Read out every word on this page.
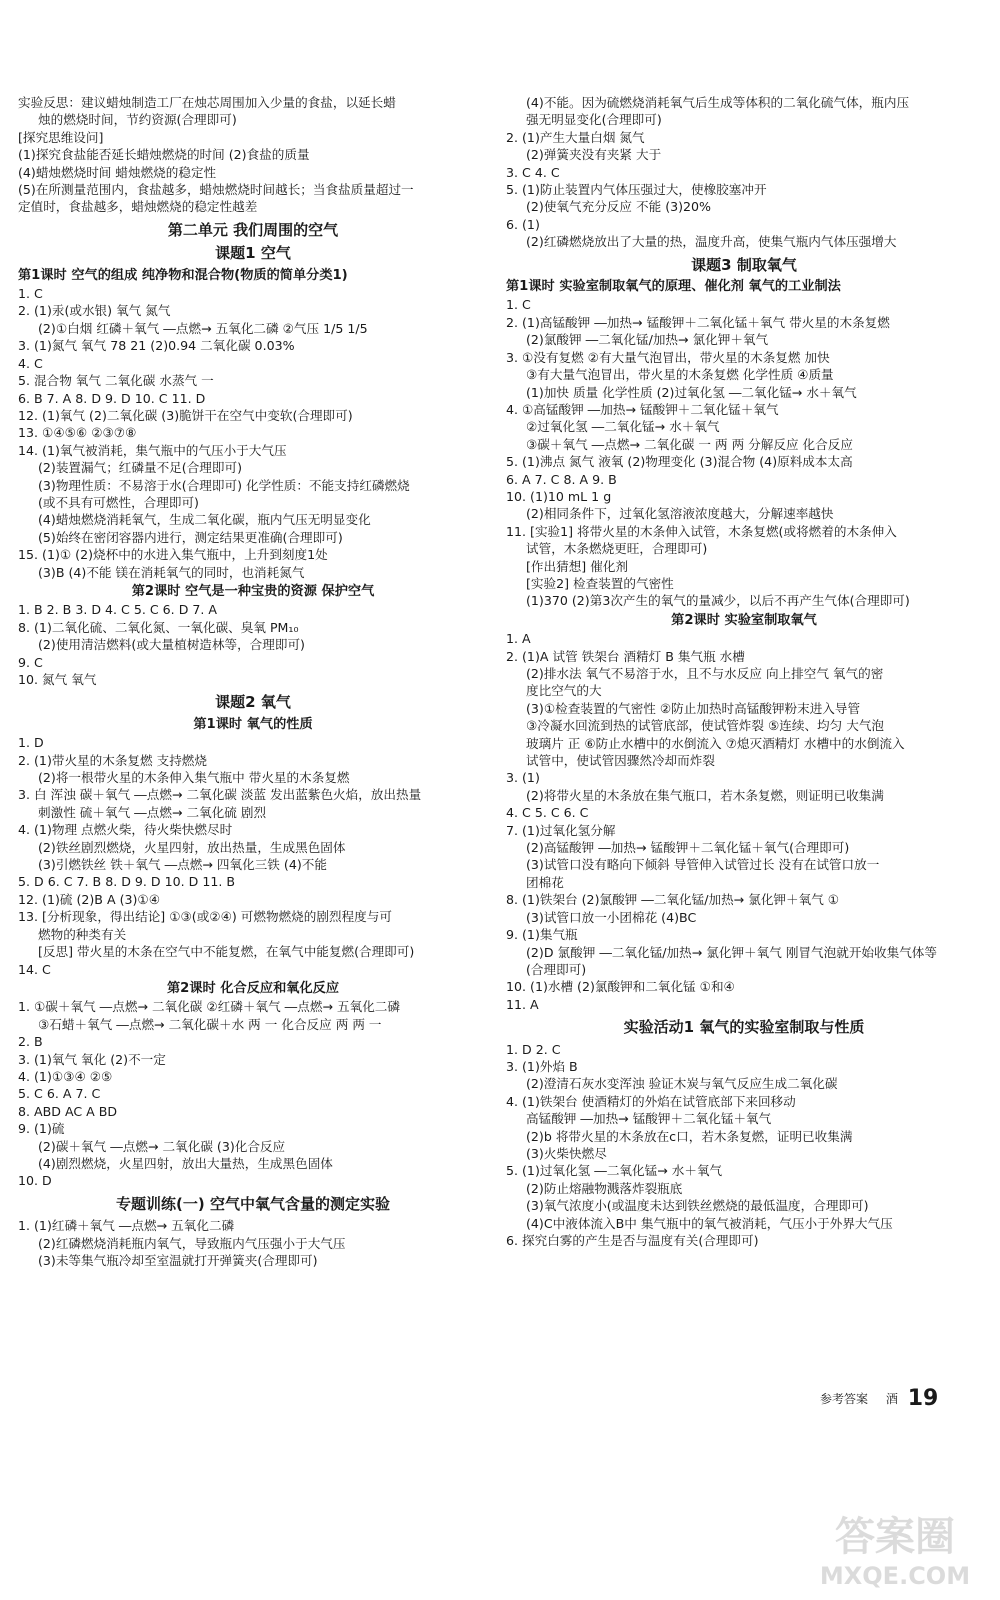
实验反思：建议蜡烛制造工厂在烛芯周围加入少量的食盐，以延长蜡
烛的燃烧时间，节约资源(合理即可)
[探究思维设问]
(1)探究食盐能否延长蜡烛燃烧的时间 (2)食盐的质量
(4)蜡烛燃烧时间 蜡烛燃烧的稳定性
(5)在所测量范围内，食盐越多，蜡烛燃烧时间越长；当食盐质量超过一
定值时，食盐越多，蜡烛燃烧的稳定性越差
第二单元 我们周围的空气
课题1 空气
第1课时 空气的组成 纯净物和混合物(物质的简单分类1)
1. C
2. (1)汞(或水银) 氧气 氮气
(2)①白烟 红磷＋氧气 ―点燃→ 五氧化二磷 ②气压 1/5 1/5
3. (1)氮气 氧气 78 21 (2)0.94 二氧化碳 0.03%
4. C
5. 混合物 氧气 二氧化碳 水蒸气 一
6. B 7. A 8. D 9. D 10. C 11. D
12. (1)氧气 (2)二氧化碳 (3)脆饼干在空气中变软(合理即可)
13. ①④⑤⑥ ②③⑦⑧
14. (1)氧气被消耗，集气瓶中的气压小于大气压
(2)装置漏气；红磷量不足(合理即可)
(3)物理性质：不易溶于水(合理即可) 化学性质：不能支持红磷燃烧
(或不具有可燃性，合理即可)
(4)蜡烛燃烧消耗氧气，生成二氧化碳，瓶内气压无明显变化
(5)始终在密闭容器内进行，测定结果更准确(合理即可)
15. (1)① (2)烧杯中的水进入集气瓶中，上升到刻度1处
(3)B (4)不能 镁在消耗氧气的同时，也消耗氮气
第2课时 空气是一种宝贵的资源 保护空气
1. B 2. B 3. D 4. C 5. C 6. D 7. A
8. (1)二氧化硫、二氧化氮、一氧化碳、臭氧 PM₁₀
(2)使用清洁燃料(或大量植树造林等，合理即可)
9. C
10. 氮气 氧气
课题2 氧气
第1课时 氧气的性质
1. D
2. (1)带火星的木条复燃 支持燃烧
(2)将一根带火星的木条伸入集气瓶中 带火星的木条复燃
3. 白 浑浊 碳＋氧气 ―点燃→ 二氧化碳 淡蓝 发出蓝紫色火焰，放出热量
刺激性 硫＋氧气 ―点燃→ 二氧化硫 剧烈
4. (1)物理 点燃火柴，待火柴快燃尽时
(2)铁丝剧烈燃烧，火星四射，放出热量，生成黑色固体
(3)引燃铁丝 铁＋氧气 ―点燃→ 四氧化三铁 (4)不能
5. D 6. C 7. B 8. D 9. D 10. D 11. B
12. (1)硫 (2)B A (3)①④
13. [分析现象，得出结论] ①③(或②④) 可燃物燃烧的剧烈程度与可
燃物的种类有关
[反思] 带火星的木条在空气中不能复燃，在氧气中能复燃(合理即可)
14. C
第2课时 化合反应和氧化反应
1. ①碳＋氧气 ―点燃→ 二氧化碳 ②红磷＋氧气 ―点燃→ 五氧化二磷
③石蜡＋氧气 ―点燃→ 二氧化碳＋水 两 一 化合反应 两 两 一
2. B
3. (1)氧气 氧化 (2)不一定
4. (1)①③④ ②⑤
5. C 6. A 7. C
8. ABD AC A BD
9. (1)硫
(2)碳＋氧气 ―点燃→ 二氧化碳 (3)化合反应
(4)剧烈燃烧，火星四射，放出大量热，生成黑色固体
10. D
专题训练(一) 空气中氧气含量的测定实验
1. (1)红磷＋氧气 ―点燃→ 五氧化二磷
(2)红磷燃烧消耗瓶内氧气，导致瓶内气压强小于大气压
(3)未等集气瓶冷却至室温就打开弹簧夹(合理即可)
(4)不能。因为硫燃烧消耗氧气后生成等体积的二氧化硫气体，瓶内压
强无明显变化(合理即可)
2. (1)产生大量白烟 氮气
(2)弹簧夹没有夹紧 大于
3. C 4. C
5. (1)防止装置内气体压强过大，使橡胶塞冲开
(2)使氧气充分反应 不能 (3)20%
6. (1)
(2)红磷燃烧放出了大量的热，温度升高，使集气瓶内气体压强增大
课题3 制取氧气
第1课时 实验室制取氧气的原理、催化剂 氧气的工业制法
1. C
2. (1)高锰酸钾 ―加热→ 锰酸钾＋二氧化锰＋氧气 带火星的木条复燃
(2)氯酸钾 ―二氧化锰/加热→ 氯化钾＋氧气
3. ①没有复燃 ②有大量气泡冒出，带火星的木条复燃 加快
③有大量气泡冒出，带火星的木条复燃 化学性质 ④质量
(1)加快 质量 化学性质 (2)过氧化氢 ―二氧化锰→ 水＋氧气
4. ①高锰酸钾 ―加热→ 锰酸钾＋二氧化锰＋氧气
②过氧化氢 ―二氧化锰→ 水＋氧气
③碳＋氧气 ―点燃→ 二氧化碳 一 两 两 分解反应 化合反应
5. (1)沸点 氮气 液氧 (2)物理变化 (3)混合物 (4)原料成本太高
6. A 7. C 8. A 9. B
10. (1)10 mL 1 g
(2)相同条件下，过氧化氢溶液浓度越大，分解速率越快
11. [实验1] 将带火星的木条伸入试管，木条复燃(或将燃着的木条伸入
试管，木条燃烧更旺，合理即可)
[作出猜想] 催化剂
[实验2] 检查装置的气密性
(1)370 (2)第3次产生的氧气的量减少，以后不再产生气体(合理即可)
第2课时 实验室制取氧气
1. A
2. (1)A 试管 铁架台 酒精灯 B 集气瓶 水槽
(2)排水法 氧气不易溶于水，且不与水反应 向上排空气 氧气的密
度比空气的大
(3)①检查装置的气密性 ②防止加热时高锰酸钾粉末进入导管
③冷凝水回流到热的试管底部，使试管炸裂 ⑤连续、均匀 大气泡
玻璃片 正 ⑥防止水槽中的水倒流入 ⑦熄灭酒精灯 水槽中的水倒流入
试管中，使试管因骤然冷却而炸裂
3. (1)
(2)将带火星的木条放在集气瓶口，若木条复燃，则证明已收集满
4. C 5. C 6. C
7. (1)过氧化氢分解
(2)高锰酸钾 ―加热→ 锰酸钾＋二氧化锰＋氧气(合理即可)
(3)试管口没有略向下倾斜 导管伸入试管过长 没有在试管口放一
团棉花
8. (1)铁架台 (2)氯酸钾 ―二氧化锰/加热→ 氯化钾＋氧气 ①
(3)试管口放一小团棉花 (4)BC
9. (1)集气瓶
(2)D 氯酸钾 ―二氧化锰/加热→ 氯化钾＋氧气 刚冒气泡就开始收集气体等
(合理即可)
10. (1)水槽 (2)氯酸钾和二氧化锰 ①和④
11. A
实验活动1 氧气的实验室制取与性质
1. D 2. C
3. (1)外焰 B
(2)澄清石灰水变浑浊 验证木炭与氧气反应生成二氧化碳
4. (1)铁架台 使酒精灯的外焰在试管底部下来回移动
高锰酸钾 ―加热→ 锰酸钾＋二氧化锰＋氧气
(2)b 将带火星的木条放在c口，若木条复燃，证明已收集满
(3)火柴快燃尽
5. (1)过氧化氢 ―二氧化锰→ 水＋氧气
(2)防止熔融物溅落炸裂瓶底
(3)氧气浓度小(或温度未达到铁丝燃烧的最低温度，合理即可)
(4)C中液体流入B中 集气瓶中的氧气被消耗，气压小于外界大气压
6. 探究白雾的产生是否与温度有关(合理即可)
参考答案 酒 19
答案圈
MXQE.COM
